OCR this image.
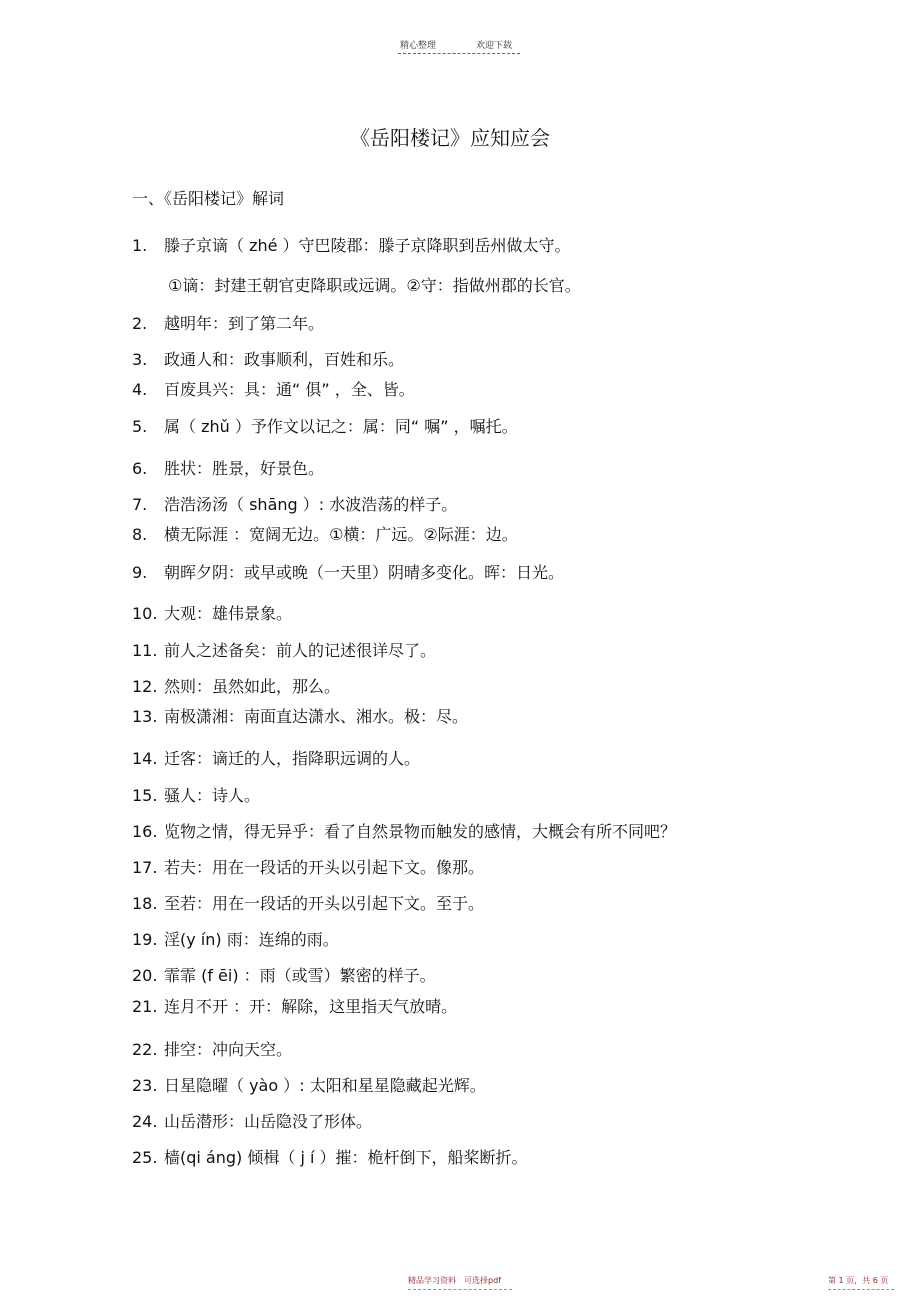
精心整理	欢迎下载
《岳阳楼记》应知应会
一、《岳阳楼记》解词
1. 滕子京谪（ zhé ）守巴陵郡：滕子京降职到岳州做太守。
2. 越明年：到了第二年。
3. 政通人和：政事顺利，百姓和乐。
4. 百废具兴：具：通“ 俱” ，全、皆。
5. 属（ zhǔ ）予作文以记之：属：同“ 嘱” ，嘱托。
6. 胜状：胜景，好景色。
7. 浩浩汤汤（ shāng ）: 水波浩荡的样子。
8. 横无际涯 ：宽阔无边。①横：广远。②际涯：边。
9. 朝晖夕阴：或早或晚（一天里）阴晴多变化。晖：日光。
10. 大观：雄伟景象。
11. 前人之述备矣：前人的记述很详尽了。
12. 然则：虽然如此，那么。
13. 南极潇湘：南面直达潇水、湘水。极：尽。
14. 迁客：谪迁的人，指降职远调的人。
15. 骚人：诗人。
16. 览物之情，得无异乎：看了自然景物而触发的感情，大概会有所不同吧？
17. 若夫：用在一段话的开头以引起下文。像那。
18. 至若：用在一段话的开头以引起下文。至于。
19. 淫(y ín) 雨：连绵的雨。
20. 霏霏 (f ēi) ：雨（或雪）繁密的样子。
21. 连月不开 ：开：解除，这里指天气放晴。
22. 排空：冲向天空。
23. 日星隐曜（ yào ）: 太阳和星星隐藏起光辉。
24. 山岳潜形：山岳隐没了形体。
25. 樯(qi áng) 倾楫（ j í ）摧：桅杆倒下，船桨断折。
①谪：封建王朝官吏降职或远调。②守：指做州郡的长官。
精品学习资料 可选择pdf	第 1 页，共 6 页
